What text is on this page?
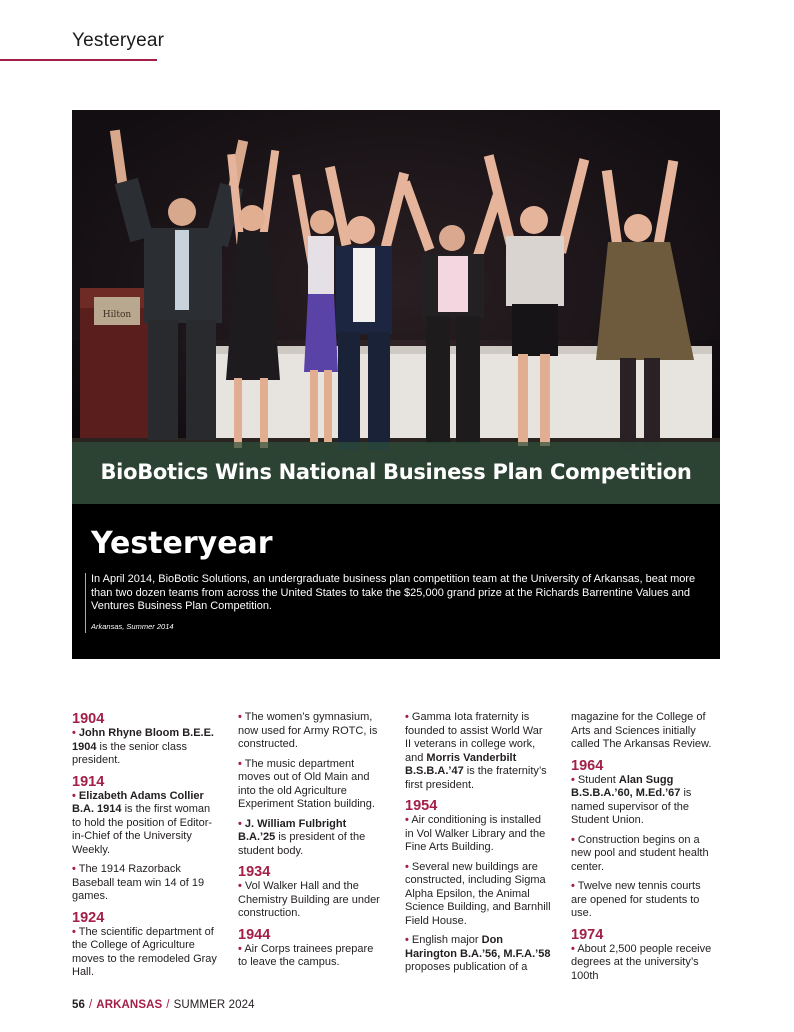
Yesteryear
Hilton
BioBotics Wins National Business Plan Competition
Yesteryear

In April 2014, BioBotic Solutions, an undergraduate business plan competition team at the University of Arkansas, beat more than two dozen teams from across the United States to take the $25,000 grand prize at the Richards Barrentine Values and Ventures Business Plan Competition.

Arkansas, Summer 2014

1904
• John Rhyne Bloom B.E.E. 1904 is the senior class president.
1914
• Elizabeth Adams Collier B.A. 1914 is the first woman to hold the position of Editor-in-Chief of the University Weekly.
• The 1914 Razorback Baseball team win 14 of 19 games.
1924
• The scientific department of the College of Agriculture moves to the remodeled Gray Hall.
• The women’s gymnasium, now used for Army ROTC, is constructed.
• The music department moves out of Old Main and into the old Agriculture Experiment Station building.
• J. William Fulbright B.A.’25 is president of the student body.
1934
• Vol Walker Hall and the Chemistry Building are under construction.
1944
• Air Corps trainees prepare to leave the campus.
• Gamma Iota fraternity is founded to assist World War II veterans in college work, and Morris Vanderbilt B.S.B.A.’47 is the fraternity’s first president.
1954
• Air conditioning is installed in Vol Walker Library and the Fine Arts Building.
• Several new buildings are constructed, including Sigma Alpha Epsilon, the Animal Science Building, and Barnhill Field House.
• English major Don Harington B.A.’56, M.F.A.’58 proposes publication of a
magazine for the College of Arts and Sciences initially called The Arkansas Review.
1964
• Student Alan Sugg B.S.B.A.’60, M.Ed.’67 is named supervisor of the Student Union.
• Construction begins on a new pool and student health center.
• Twelve new tennis courts are opened for students to use.
1974
• About 2,500 people receive degrees at the university’s 100th
56 / ARKANSAS / SUMMER 2024
